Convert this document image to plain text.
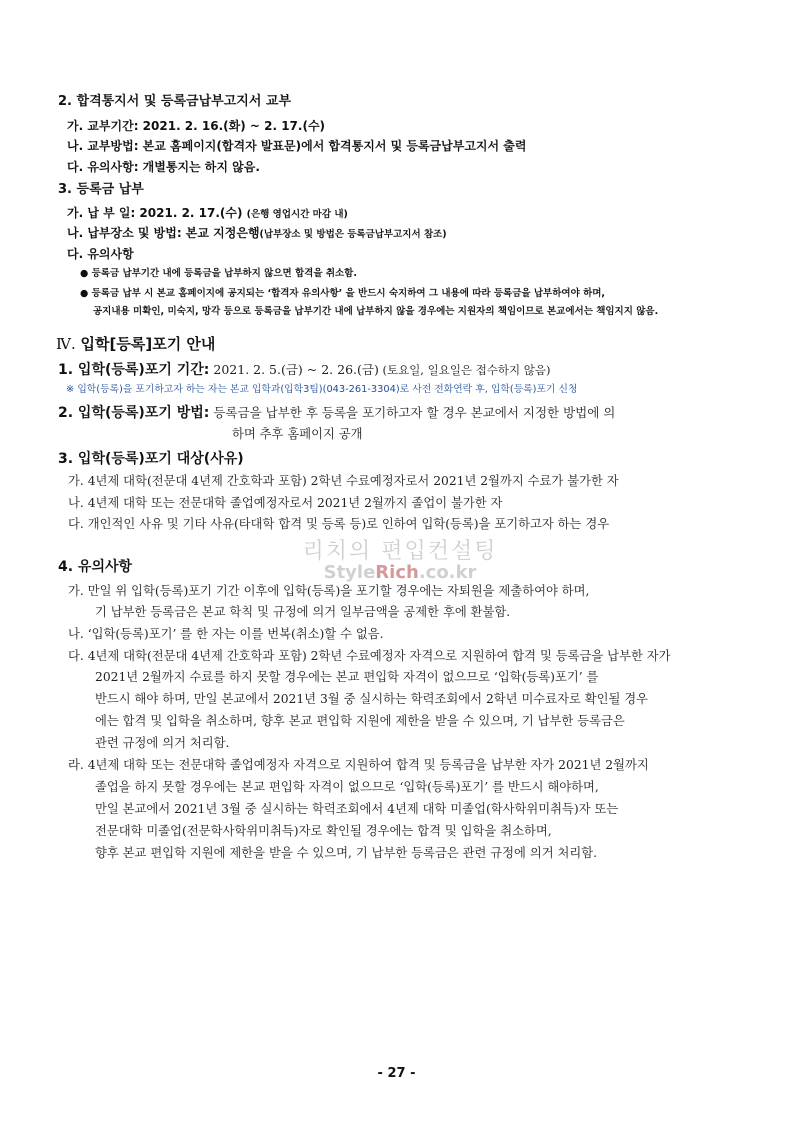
2. 합격통지서 및 등록금납부고지서 교부
가. 교부기간: 2021. 2. 16.(화) ~ 2. 17.(수)
나. 교부방법: 본교 홈페이지(합격자 발표문)에서 합격통지서 및 등록금납부고지서 출력
다. 유의사항: 개별통지는 하지 않음.
3. 등록금 납부
가. 납 부 일: 2021. 2. 17.(수) (은행 영업시간 마감 내)
나. 납부장소 및 방법: 본교 지정은행(납부장소 및 방법은 등록금납부고지서 참조)
다. 유의사항
● 등록금 납부기간 내에 등록금을 납부하지 않으면 합격을 취소함.
● 등록금 납부 시 본교 홈페이지에 공지되는 ‘합격자 유의사항’ 을 반드시 숙지하여 그 내용에 따라 등록금을 납부하여야 하며,
공지내용 미확인, 미숙지, 망각 등으로 등록금을 납부기간 내에 납부하지 않을 경우에는 지원자의 책임이므로 본교에서는 책임지지 않음.
Ⅳ. 입학[등록]포기 안내
1. 입학(등록)포기 기간: 2021. 2. 5.(금) ~ 2. 26.(금) (토요일, 일요일은 접수하지 않음)
※ 입학(등록)을 포기하고자 하는 자는 본교 입학과(입학3팀)(043-261-3304)로 사전 전화연락 후, 입학(등록)포기 신청
2. 입학(등록)포기 방법: 등록금을 납부한 후 등록을 포기하고자 할 경우 본교에서 지정한 방법에 의
하며 추후 홈페이지 공개
3. 입학(등록)포기 대상(사유)
가. 4년제 대학(전문대 4년제 간호학과 포함) 2학년 수료예정자로서 2021년 2월까지 수료가 불가한 자
나. 4년제 대학 또는 전문대학 졸업예정자로서 2021년 2월까지 졸업이 불가한 자
다. 개인적인 사유 및 기타 사유(타대학 합격 및 등록 등)로 인하여 입학(등록)을 포기하고자 하는 경우
리치의 편입컨설팅
StyleRich.co.kr
4. 유의사항
가. 만일 위 입학(등록)포기 기간 이후에 입학(등록)을 포기할 경우에는 자퇴원을 제출하여야 하며,
기 납부한 등록금은 본교 학칙 및 규정에 의거 일부금액을 공제한 후에 환불함.
나. ‘입학(등록)포기’ 를 한 자는 이를 번복(취소)할 수 없음.
다. 4년제 대학(전문대 4년제 간호학과 포함) 2학년 수료예정자 자격으로 지원하여 합격 및 등록금을 납부한 자가
2021년 2월까지 수료를 하지 못할 경우에는 본교 편입학 자격이 없으므로 ‘입학(등록)포기’ 를
반드시 해야 하며, 만일 본교에서 2021년 3월 중 실시하는 학력조회에서 2학년 미수료자로 확인될 경우
에는 합격 및 입학을 취소하며, 향후 본교 편입학 지원에 제한을 받을 수 있으며, 기 납부한 등록금은
관련 규정에 의거 처리함.
라. 4년제 대학 또는 전문대학 졸업예정자 자격으로 지원하여 합격 및 등록금을 납부한 자가 2021년 2월까지
졸업을 하지 못할 경우에는 본교 편입학 자격이 없으므로 ‘입학(등록)포기’ 를 반드시 해야하며,
만일 본교에서 2021년 3월 중 실시하는 학력조회에서 4년제 대학 미졸업(학사학위미취득)자 또는
전문대학 미졸업(전문학사학위미취득)자로 확인될 경우에는 합격 및 입학을 취소하며,
향후 본교 편입학 지원에 제한을 받을 수 있으며, 기 납부한 등록금은 관련 규정에 의거 처리함.
- 27 -
